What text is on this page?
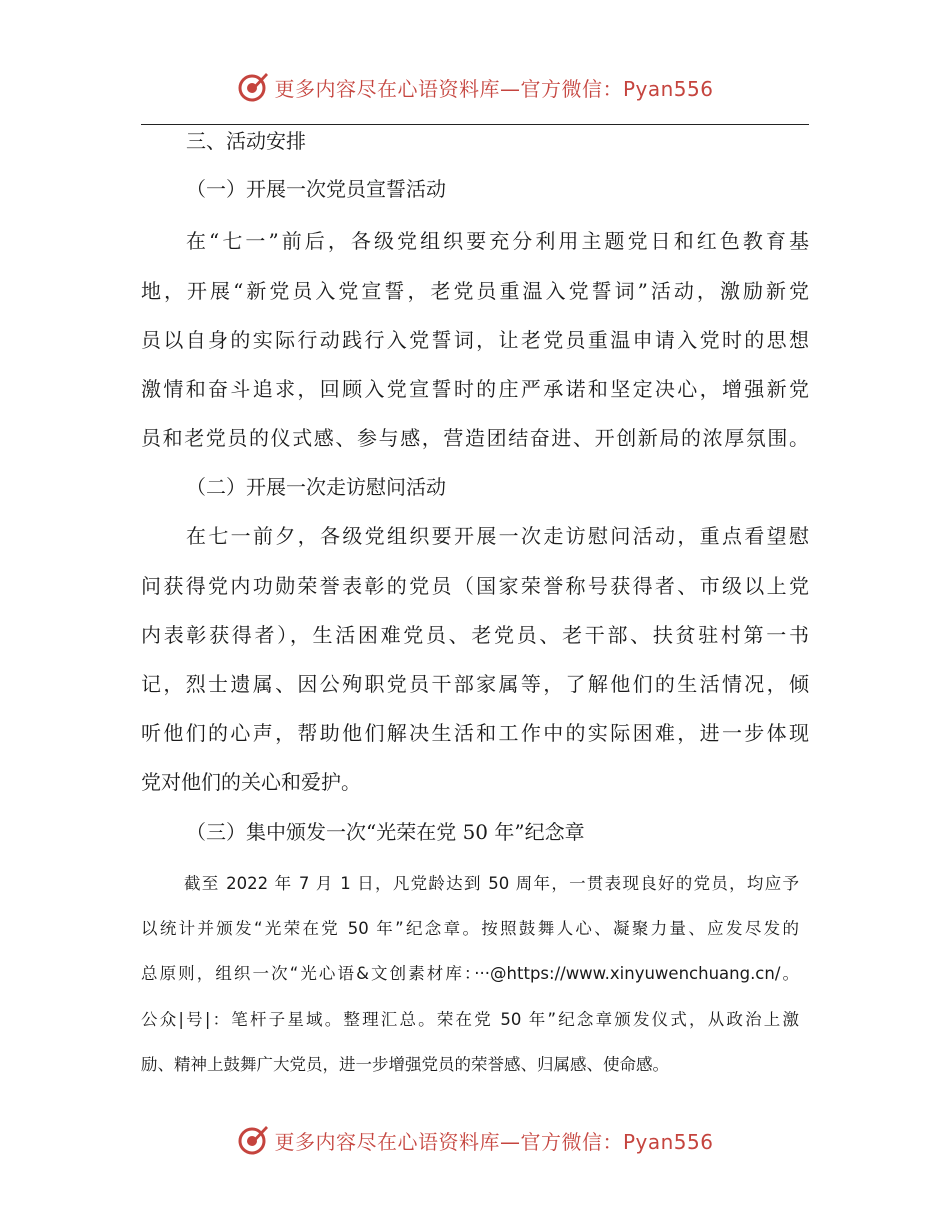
更多内容尽在心语资料库—官方微信：Pyan556
三、活动安排
（一）开展一次党员宣誓活动
在“七一”前后，各级党组织要充分利用主题党日和红色教育基
地，开展“新党员入党宣誓，老党员重温入党誓词”活动，激励新党
员以自身的实际行动践行入党誓词，让老党员重温申请入党时的思想
激情和奋斗追求，回顾入党宣誓时的庄严承诺和坚定决心，增强新党
员和老党员的仪式感、参与感，营造团结奋进、开创新局的浓厚氛围。
（二）开展一次走访慰问活动
在七一前夕，各级党组织要开展一次走访慰问活动，重点看望慰
问获得党内功勋荣誉表彰的党员（国家荣誉称号获得者、市级以上党
内表彰获得者），生活困难党员、老党员、老干部、扶贫驻村第一书
记，烈士遗属、因公殉职党员干部家属等，了解他们的生活情况，倾
听他们的心声，帮助他们解决生活和工作中的实际困难，进一步体现
党对他们的关心和爱护。
（三）集中颁发一次“光荣在党 50 年”纪念章
截至 2022 年 7 月 1 日，凡党龄达到 50 周年，一贯表现良好的党员，均应予
以统计并颁发“光荣在党 50 年”纪念章。按照鼓舞人心、凝聚力量、应发尽发的
总原则，组织一次“光心语&文创素材库：···@https://www.xinyuwenchuang.cn/。
公众|号|：笔杆子星域。整理汇总。荣在党 50 年”纪念章颁发仪式，从政治上激
励、精神上鼓舞广大党员，进一步增强党员的荣誉感、归属感、使命感。
更多内容尽在心语资料库—官方微信：Pyan556
